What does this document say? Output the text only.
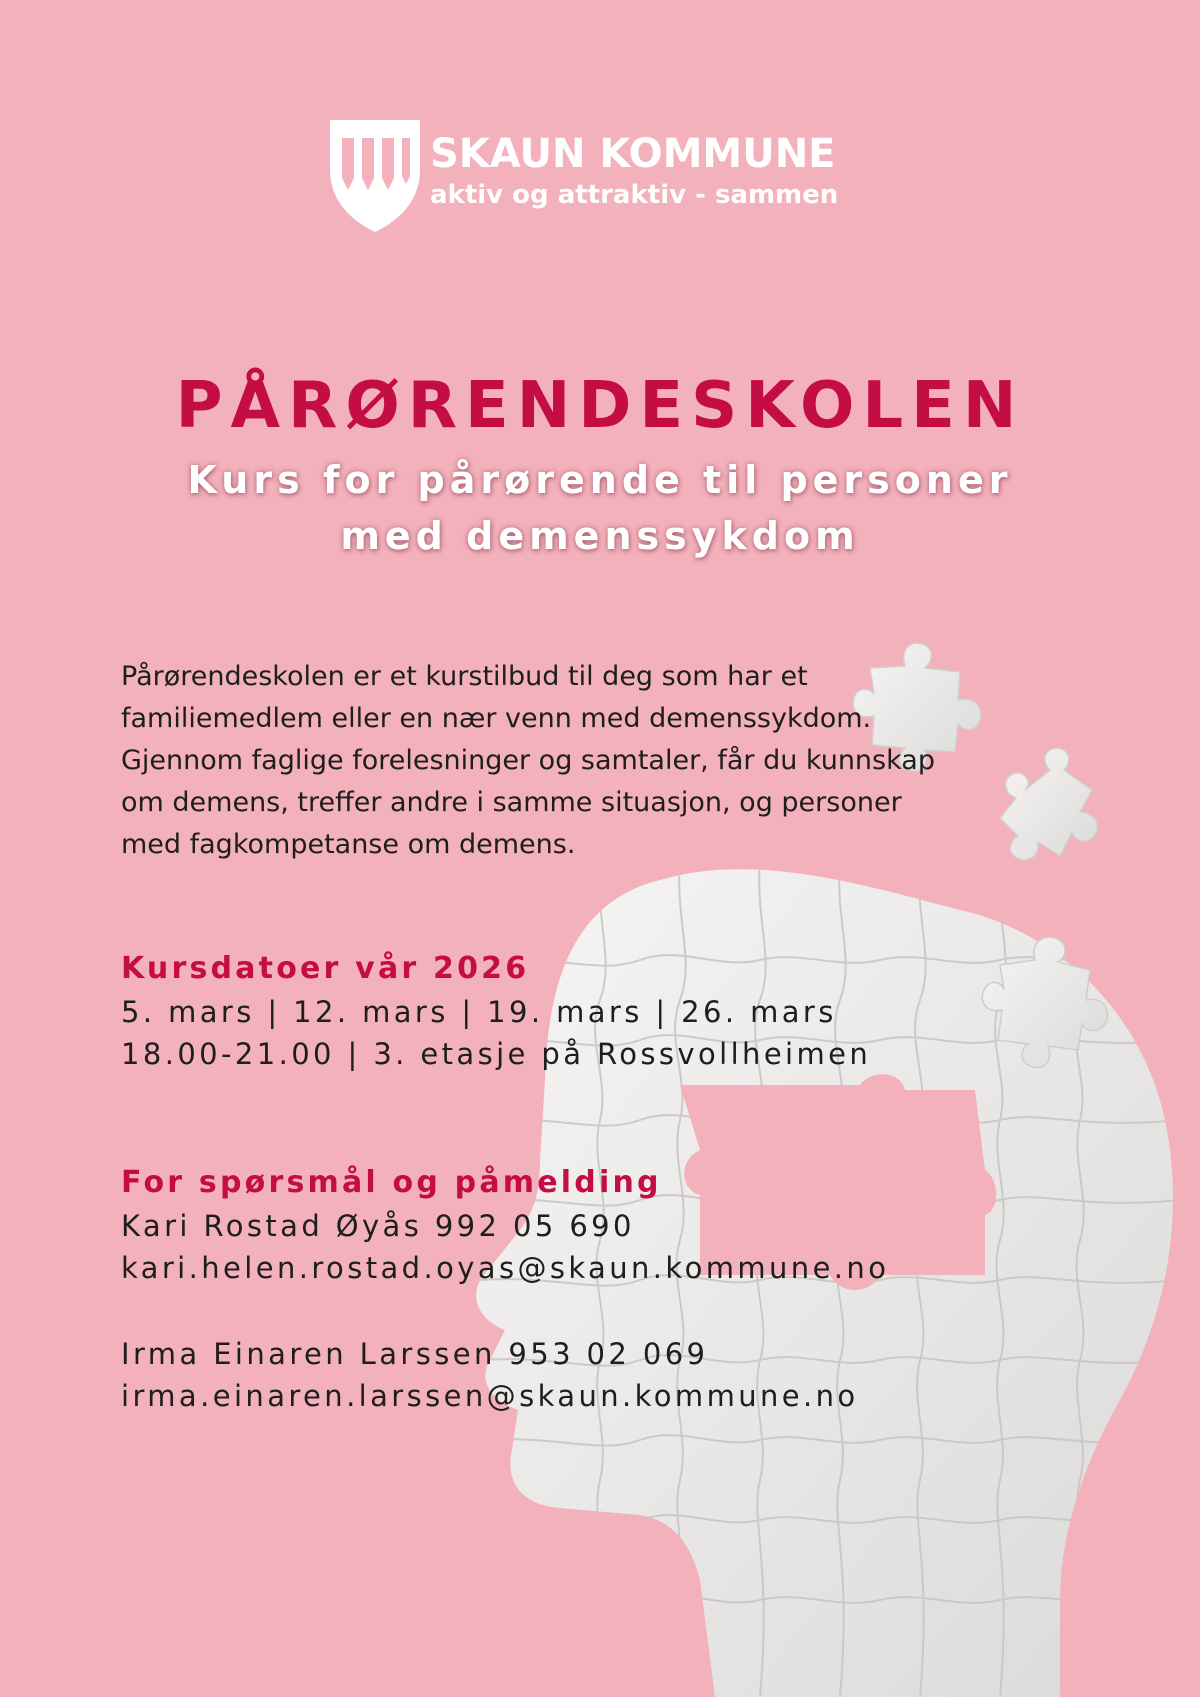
SKAUN KOMMUNE
aktiv og attraktiv - sammen
PÅRØRENDESKOLEN
Kurs for pårørende til personer
med demenssykdom
Pårørendeskolen er et kurstilbud til deg som har et
familiemedlem eller en nær venn med demenssykdom.
Gjennom faglige forelesninger og samtaler, får du kunnskap
om demens, treffer andre i samme situasjon, og personer
med fagkompetanse om demens.
Kursdatoer vår 2026
5. mars | 12. mars | 19. mars | 26. mars
18.00-21.00 | 3. etasje på Rossvollheimen
For spørsmål og påmelding
Kari Rostad Øyås 992 05 690
kari.helen.rostad.oyas@skaun.kommune.no
Irma Einaren Larssen 953 02 069
irma.einaren.larssen@skaun.kommune.no
